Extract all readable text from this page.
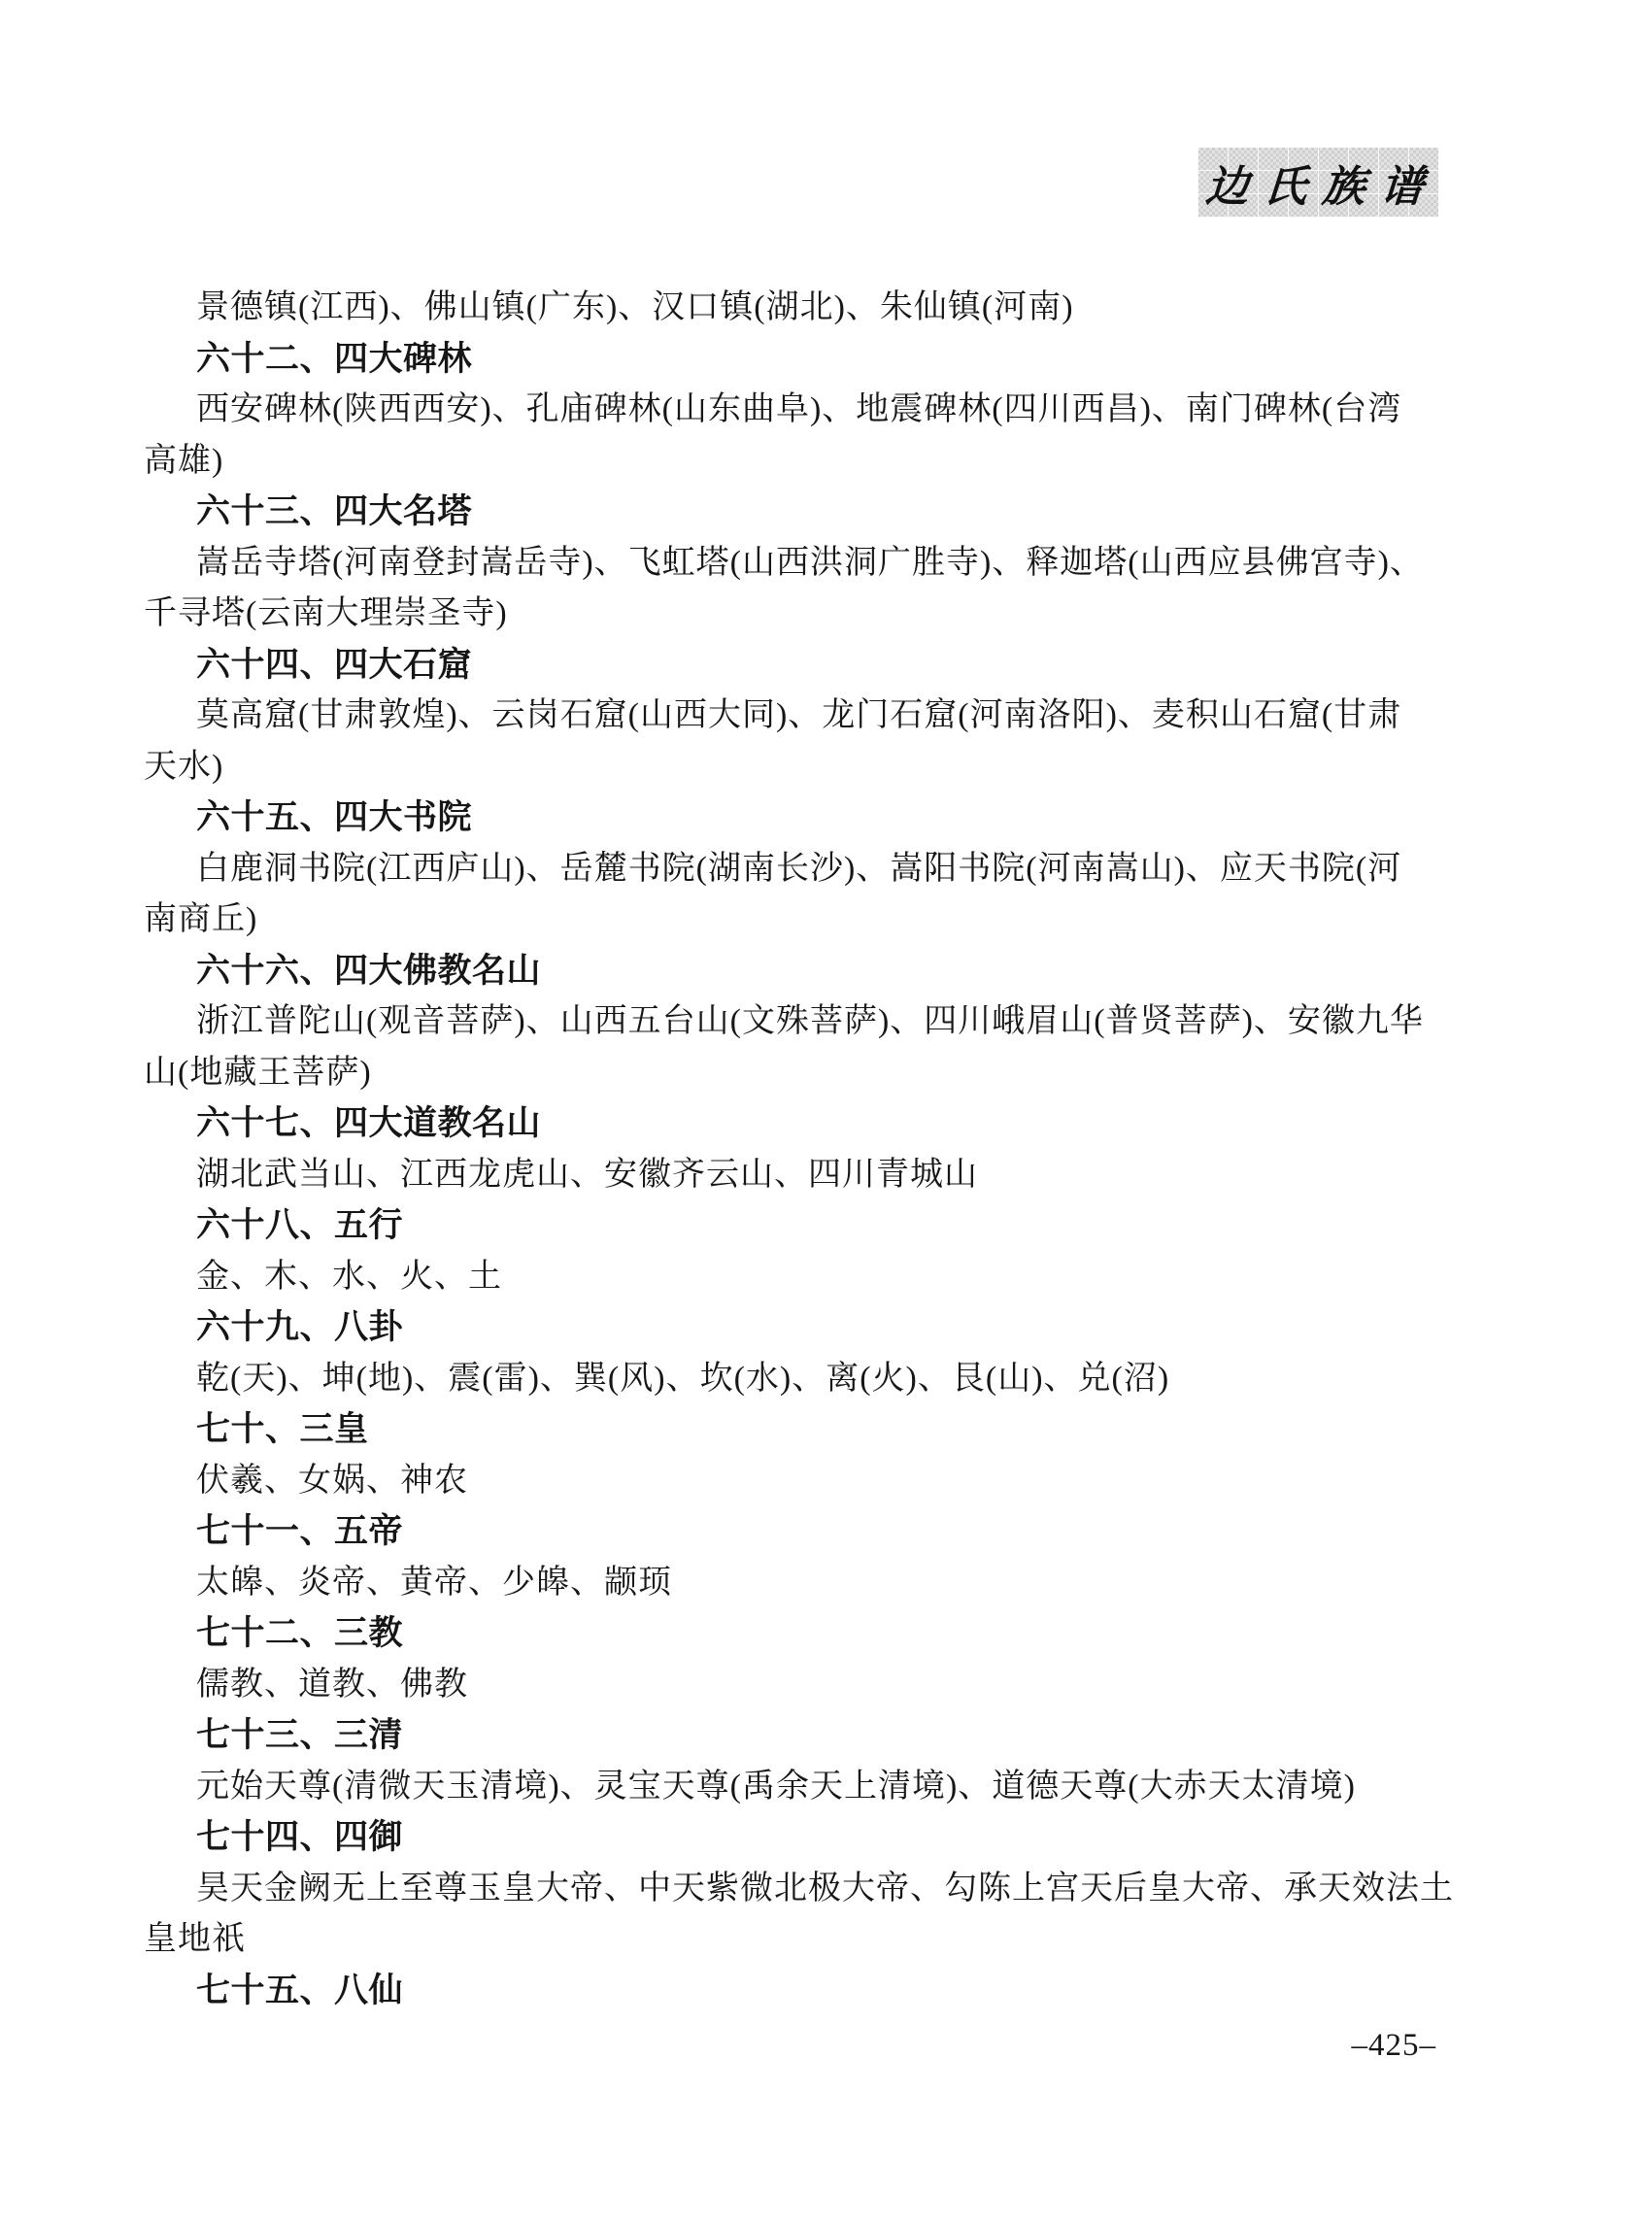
边氏族谱
景德镇(江西)、佛山镇(广东)、汉口镇(湖北)、朱仙镇(河南)
六十二、四大碑林
西安碑林(陕西西安)、孔庙碑林(山东曲阜)、地震碑林(四川西昌)、南门碑林(台湾
高雄)
六十三、四大名塔
嵩岳寺塔(河南登封嵩岳寺)、飞虹塔(山西洪洞广胜寺)、释迦塔(山西应县佛宫寺)、
千寻塔(云南大理崇圣寺)
六十四、四大石窟
莫高窟(甘肃敦煌)、云岗石窟(山西大同)、龙门石窟(河南洛阳)、麦积山石窟(甘肃
天水)
六十五、四大书院
白鹿洞书院(江西庐山)、岳麓书院(湖南长沙)、嵩阳书院(河南嵩山)、应天书院(河
南商丘)
六十六、四大佛教名山
浙江普陀山(观音菩萨)、山西五台山(文殊菩萨)、四川峨眉山(普贤菩萨)、安徽九华
山(地藏王菩萨)
六十七、四大道教名山
湖北武当山、江西龙虎山、安徽齐云山、四川青城山
六十八、五行
金、木、水、火、土
六十九、八卦
乾(天)、坤(地)、震(雷)、巽(风)、坎(水)、离(火)、艮(山)、兑(沼)
七十、三皇
伏羲、女娲、神农
七十一、五帝
太皞、炎帝、黄帝、少皞、颛顼
七十二、三教
儒教、道教、佛教
七十三、三清
元始天尊(清微天玉清境)、灵宝天尊(禹余天上清境)、道德天尊(大赤天太清境)
七十四、四御
昊天金阙无上至尊玉皇大帝、中天紫微北极大帝、勾陈上宫天后皇大帝、承天效法土
皇地祇
七十五、八仙
–425–
